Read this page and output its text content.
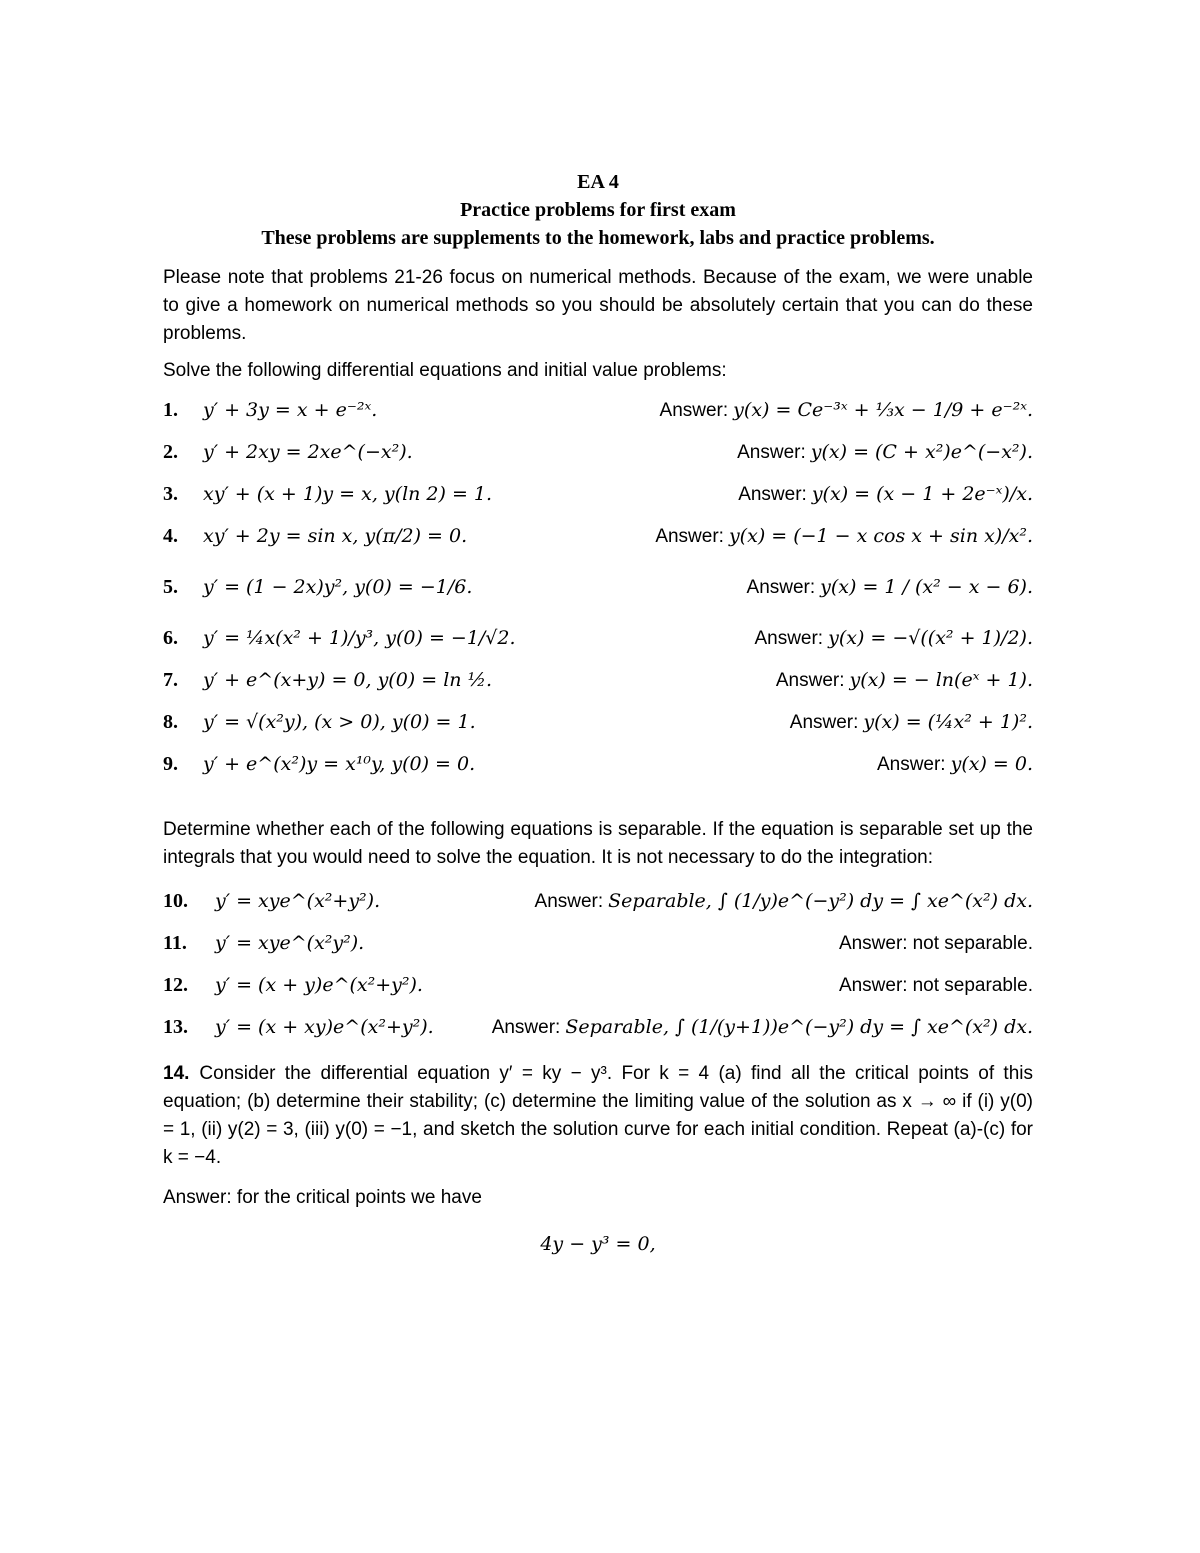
EA 4
Practice problems for first exam
These problems are supplements to the homework, labs and practice problems.
Please note that problems 21-26 focus on numerical methods. Because of the exam, we were unable to give a homework on numerical methods so you should be absolutely certain that you can do these problems.
Solve the following differential equations and initial value problems:
1.	y′ + 3y = x + e⁻²ˣ.	Answer: y(x) = Ce⁻³ˣ + ⅓x − 1/9 + e⁻²ˣ.
2.	y′ + 2xy = 2xe^(−x²).	Answer: y(x) = (C + x²)e^(−x²).
3.	xy′ + (x + 1)y = x, y(ln 2) = 1.	Answer: y(x) = (x − 1 + 2e⁻ˣ)/x.
4.	xy′ + 2y = sin x, y(π/2) = 0.	Answer: y(x) = (−1 − x cos x + sin x)/x².
5.	y′ = (1 − 2x)y², y(0) = −1/6.	Answer: y(x) = 1 / (x² − x − 6).
6.	y′ = ¼x(x² + 1)/y³, y(0) = −1/√2.	Answer: y(x) = −√((x² + 1)/2).
7.	y′ + e^(x+y) = 0, y(0) = ln ½.	Answer: y(x) = − ln(eˣ + 1).
8.	y′ = √(x²y), (x > 0), y(0) = 1.	Answer: y(x) = (¼x² + 1)².
9.	y′ + e^(x²)y = x¹⁰y, y(0) = 0.	Answer: y(x) = 0.
Determine whether each of the following equations is separable. If the equation is separable set up the integrals that you would need to solve the equation. It is not necessary to do the integration:
10.	y′ = xye^(x²+y²).	Answer: Separable, ∫ (1/y)e^(−y²) dy = ∫ xe^(x²) dx.
11.	y′ = xye^(x²y²).	Answer: not separable.
12.	y′ = (x + y)e^(x²+y²).	Answer: not separable.
13.	y′ = (x + xy)e^(x²+y²).	Answer: Separable, ∫ (1/(y+1))e^(−y²) dy = ∫ xe^(x²) dx.
14. Consider the differential equation y′ = ky − y³. For k = 4 (a) find all the critical points of this equation; (b) determine their stability; (c) determine the limiting value of the solution as x → ∞ if (i) y(0) = 1, (ii) y(2) = 3, (iii) y(0) = −1, and sketch the solution curve for each initial condition. Repeat (a)-(c) for k = −4.
Answer: for the critical points we have
4y − y³ = 0,
